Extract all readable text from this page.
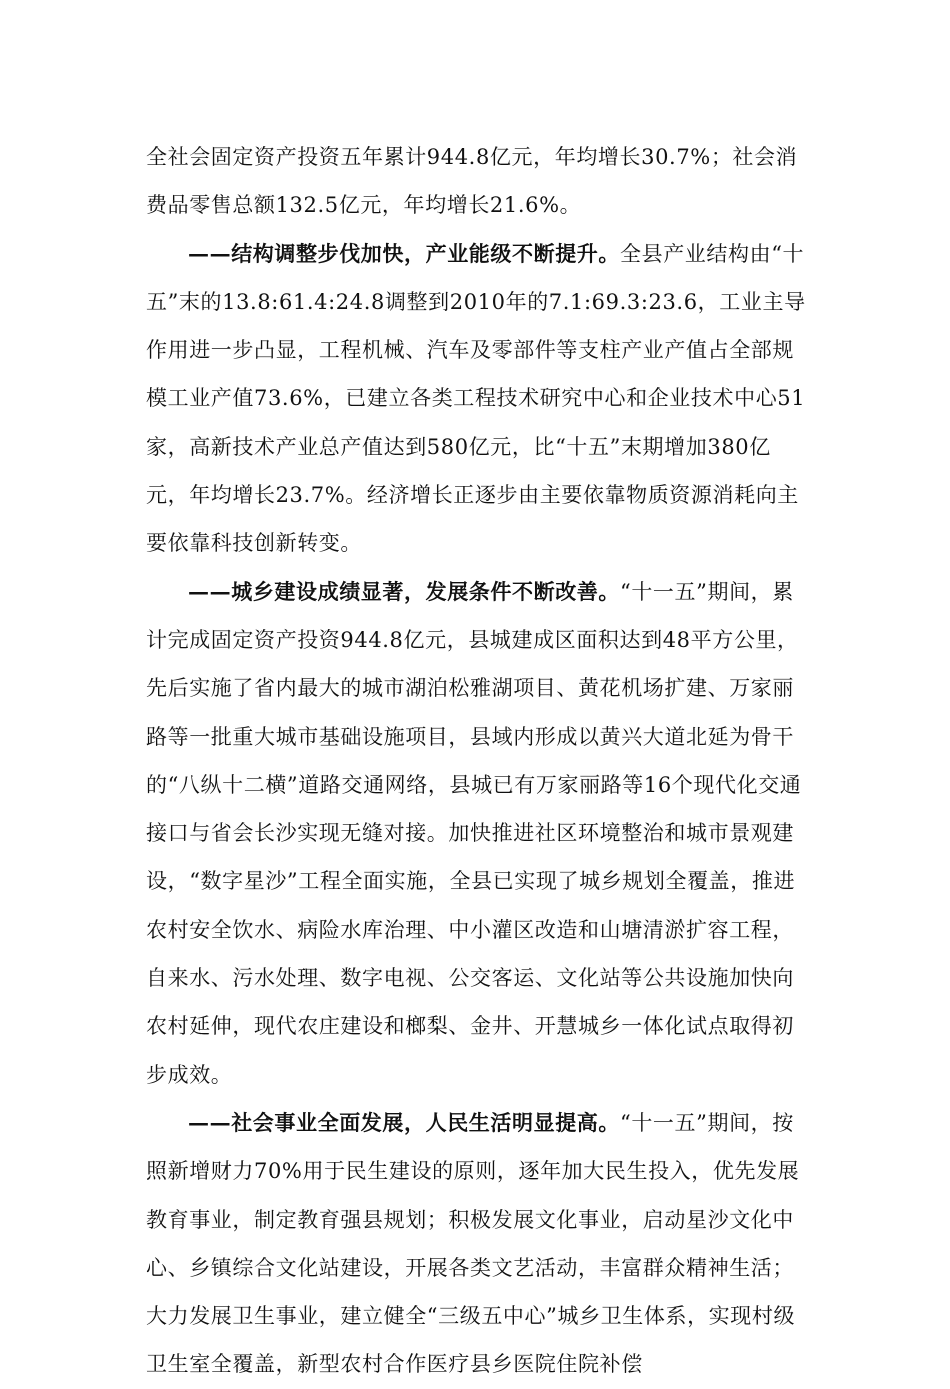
全社会固定资产投资五年累计944.8亿元，年均增长30.7%；社会消费品零售总额132.5亿元，年均增长21.6%。

——结构调整步伐加快，产业能级不断提升。全县产业结构由“十五”末的13.8:61.4:24.8调整到2010年的7.1:69.3:23.6，工业主导作用进一步凸显，工程机械、汽车及零部件等支柱产业产值占全部规模工业产值73.6%，已建立各类工程技术研究中心和企业技术中心51家，高新技术产业总产值达到580亿元，比“十五”末期增加380亿元，年均增长23.7%。经济增长正逐步由主要依靠物质资源消耗向主要依靠科技创新转变。

——城乡建设成绩显著，发展条件不断改善。“十一五”期间，累计完成固定资产投资944.8亿元，县城建成区面积达到48平方公里，先后实施了省内最大的城市湖泊松雅湖项目、黄花机场扩建、万家丽路等一批重大城市基础设施项目，县域内形成以黄兴大道北延为骨干的“八纵十二横”道路交通网络，县城已有万家丽路等16个现代化交通接口与省会长沙实现无缝对接。加快推进社区环境整治和城市景观建设，“数字星沙”工程全面实施，全县已实现了城乡规划全覆盖，推进农村安全饮水、病险水库治理、中小灌区改造和山塘清淤扩容工程，自来水、污水处理、数字电视、公交客运、文化站等公共设施加快向农村延伸，现代农庄建设和榔梨、金井、开慧城乡一体化试点取得初步成效。

——社会事业全面发展，人民生活明显提高。“十一五”期间，按照新增财力70%用于民生建设的原则，逐年加大民生投入，优先发展教育事业，制定教育强县规划；积极发展文化事业，启动星沙文化中心、乡镇综合文化站建设，开展各类文艺活动，丰富群众精神生活；大力发展卫生事业，建立健全“三级五中心”城乡卫生体系，实现村级卫生室全覆盖，新型农村合作医疗县乡医院住院补偿
